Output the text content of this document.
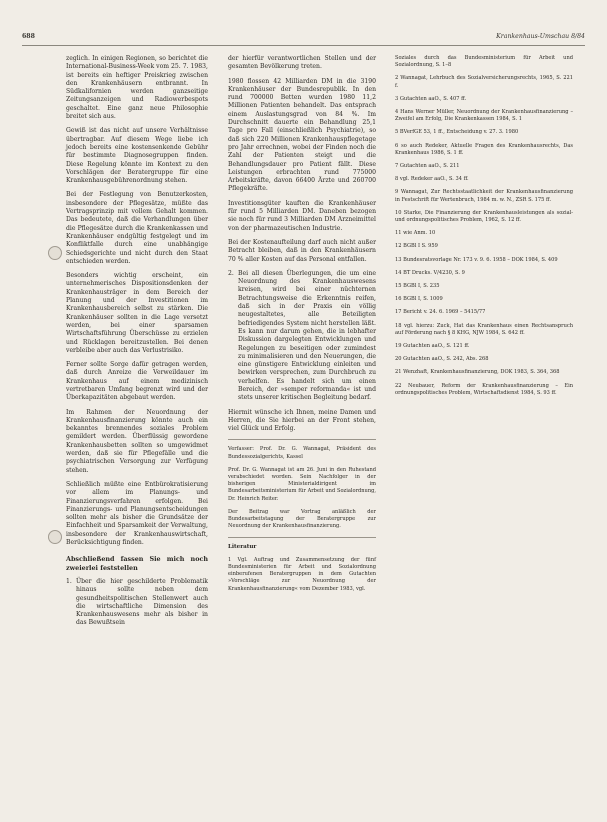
688	Krankenhaus-Umschau 8/84

zeglich. In einigen Regionen, so berichtet die International-Business-Week vom 25. 7. 1983, ist bereits ein heftiger Preiskrieg zwischen den Krankenhäusern entbrannt. In Südkalifornien werden ganzseitige Zeitungsanzeigen und Radiowerbespots geschaltet. Eine ganz neue Philosophie breitet sich aus.

Gewiß ist das nicht auf unsere Verhältnisse übertragbar. Auf diesem Wege liebe ich jedoch bereits eine kostensenkende Gebühr für bestimmte Diagnosegruppen finden. Diese Regelung könnte im Kontext zu den Vorschlägen der Beratergruppe für eine Krankenhausgebührenordnung stehen.

Bei der Festlegung von Benutzerkosten, insbesondere der Pflegesätze, müßte das Vertragsprinzip mit vollem Gehalt kommen. Das bedeutete, daß die Verhandlungen über die Pflegesätze durch die Krankenkassen und Krankenhäuser endgültig festgelegt und im Konfliktfalle durch eine unabhängige Schiedsgerichte und nicht durch den Staat entschieden werden.

Besonders wichtig erscheint, ein unternehmerisches Dispositionsdenken der Krankenhausträger in dem Bereich der Planung und der Investitionen im Krankenhausbereich selbst zu stärken. Die Krankenhäuser sollten in die Lage versetzt werden, bei einer sparsamen Wirtschaftsführung Überschüsse zu erzielen und Rücklagen bereitzustellen. Bei denen verbleibe aber auch das Verlustrisiko.

Ferner sollte Sorge dafür getragen werden, daß durch Anreize die Verweildauer im Krankenhaus auf einem medizinisch vertretbaren Umfang begrenzt wird und der Überkapazitäten abgebaut werden.

Im Rahmen der Neuordnung der Krankenhausfinanzierung könnte auch ein bekanntes brennendes soziales Problem gemildert werden. Überflüssig gewordene Krankenhausbetten sollten so umgewidmet werden, daß sie für Pflegefälle und die psychiatrischen Versorgung zur Verfügung stehen.

Schließlich müßte eine Entbürokratisierung vor allem im Planungs- und Finanzierungsverfahren erfolgen. Bei Finanzierungs- und Planungsentscheidungen sollten mehr als bisher die Grundsätze der Einfachheit und Sparsamkeit der Verwaltung, insbesondere der Krankenhauswirtschaft, Berücksichtigung finden.

Abschließend fassen Sie mich noch zweierlei feststellen
1. Über die hier geschilderte Problematik hinaus sollte neben dem gesundheitspolitischen Stellenwert auch die wirtschaftliche Dimension des Krankenhauswesens mehr als bisher in das Bewußtsein

der hierfür verantwortlichen Stellen und der gesamten Bevölkerung treten.

1980 flossen 42 Milliarden DM in die 3190 Krankenhäuser der Bundesrepublik. In den rund 700000 Betten wurden 1980 11,2 Millionen Patienten behandelt. Das entsprach einem Auslastungsgrad von 84 %. Im Durchschnitt dauerte ein Behandlung 25,1 Tage pro Fall (einschließlich Psychiatrie), so daß sich 220 Millionen Krankenhauspflegetage pro Jahr errechnen, wobei der Finden noch die Zahl der Patienten steigt und die Behandlungsdauer pro Patient fällt. Diese Leistungen erbrachten rund 775000 Arbeitskräfte, davon 66400 Ärzte und 260700 Pflegekräfte.

Investitionsgüter kauften die Krankenhäuser für rund 5 Milliarden DM. Daneben bezogen sie noch für rund 3 Milliarden DM Arzneimittel von der pharmazeutischen Industrie.

Bei der Kostenaufteilung darf auch nicht außer Betracht bleiben, daß in den Krankenhäusern 70 % aller Kosten auf das Personal entfallen.

2. Bei all diesen Überlegungen, die um eine Neuordnung des Krankenhauswesens kreisen, wird bei einer nüchternen Betrachtungsweise die Erkenntnis reifen, daß sich in der Praxis ein völlig neugestaltetes, alle Beteiligten befriedigendes System nicht herstellen läßt. Es kann nur darum gehen, die in lebhafter Diskussion dargelegten Entwicklungen und Regelungen zu beseitigen oder zumindest zu minimalisieren und den Neuerungen, die eine günstigere Entwicklung einleiten und bewirken versprechen, zum Durchbruch zu verhelfen. Es handelt sich um einen Bereich, der »semper reformanda« ist und stets unserer kritischen Begleitung bedarf.

Hiermit wünsche ich Ihnen, meine Damen und Herren, die Sie hierbei an der Front stehen, viel Glück und Erfolg.

Verfasser: Prof. Dr. G. Wannagat, Präsident des Bundessozialgerichts, Kassel

Prof. Dr. G. Wannagat ist am 26. Juni in den Ruhestand verabschiedet worden. Sein Nachfolger in der bisherigen Ministerialdirigent im Bundesarbeitsministerium für Arbeit und Sozialordnung, Dr. Heinrich Reiter.

Der Beitrag war Vortrag anläßlich der Bundesarbeitstagung der Beratergruppe zur Neuordnung der Krankenhausfinanzierung.

Literatur

1 Vgl. Auftrag und Zusammensetzung der fünf Bundesministerien für Arbeit und Sozialordnung einberufenen Beratergruppen in dem Gutachten »Vorschläge zur Neuordnung der Krankenhausfinanzierung« vom Dezember 1983, vgl.

Soziales durch das Bundesministerium für Arbeit und Sozialordnung, S. 1–8

2 Wannagat, Lehrbuch des Sozialversicherungsrechts, 1965, S. 221 f.

3 Gutachten aaO., S. 407 ff.

4 Hans Werner Müller, Neuordnung der Krankenhausfinanzierung – Zweifel am Erfolg, Die Krankenkassen 1984, S. 1

5 BVerfGE 53, 1 ff., Entscheidung v. 27. 3. 1980

6 so auch Redeker, Aktuelle Fragen des Krankenhausrechts, Das Krankenhaus 1986, S. 1 ff.

7 Gutachten aaO., S. 211

8 vgl. Redeker aaO., S. 34 ff.

9 Wannagat, Zur Rechtsstaatlichkeit der Krankenhausfinanzierung in Festschrift für Wertenbruch, 1984 m. w. N., ZSR S. 175 ff.

10 Starke, Die Finanzierung der Krankenhausleistungen als sozial- und ordnungspolitisches Problem, 1962, S. 12 ff.

11 wie Anm. 10

12 BGBl I S. 959

13 Bundesratsvorlage Nr. 173 v. 9. 6. 1958 – DOK 1984, S. 409

14 BT Drucks. V/4230, S. 9

15 BGBl I, S. 235

16 BGBl I, S. 1009

17 Bericht v. 24. 6. 1969 – 5415/77

18 vgl. hierzu: Zuck, Hat das Krankenhaus einen Rechtsanspruch auf Förderung nach § 8 KHG, NJW 1984, S. 642 ff.

19 Gutachten aaO., S. 121 ff.

20 Gutachten aaO., S. 242, Abs. 268

21 Wenzhaft, Krankenhausfinanzierung, DOK 1983, S. 364, 368

22 Neubauer, Reform der Krankenhausfinanzierung – Ein ordnungspolitisches Problem, Wirtschaftsdienst 1984, S. 93 ff.
